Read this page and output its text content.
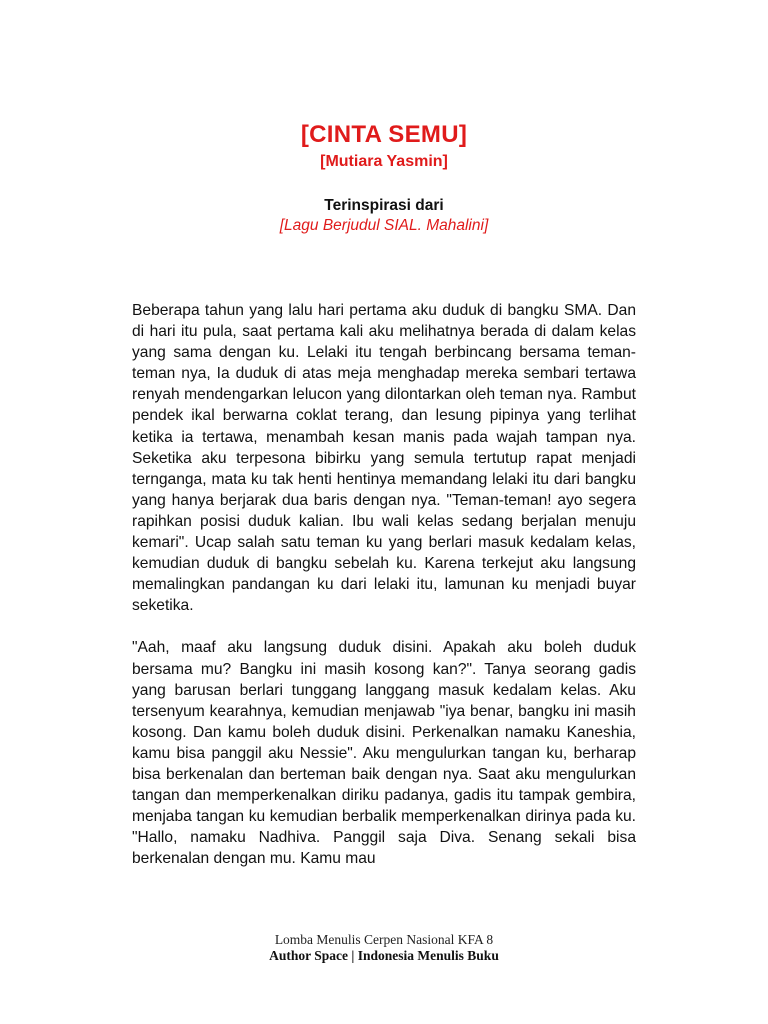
[CINTA SEMU]
[Mutiara Yasmin]
Terinspirasi dari
[Lagu Berjudul SIAL. Mahalini]

Beberapa tahun yang lalu hari pertama aku duduk di bangku SMA. Dan di hari itu pula, saat pertama kali aku melihatnya berada di dalam kelas yang sama dengan ku. Lelaki itu tengah berbincang bersama teman-teman nya, Ia duduk di atas meja menghadap mereka sembari tertawa renyah mendengarkan lelucon yang dilontarkan oleh teman nya. Rambut pendek ikal berwarna coklat terang, dan lesung pipinya yang terlihat ketika ia tertawa, menambah kesan manis pada wajah tampan nya. Seketika aku terpesona bibirku yang semula tertutup rapat menjadi ternganga, mata ku tak henti hentinya memandang lelaki itu dari bangku yang hanya berjarak dua baris dengan nya. "Teman-teman! ayo segera rapihkan posisi duduk kalian. Ibu wali kelas sedang berjalan menuju kemari". Ucap salah satu teman ku yang berlari masuk kedalam kelas, kemudian duduk di bangku sebelah ku. Karena terkejut aku langsung memalingkan pandangan ku dari lelaki itu, lamunan ku menjadi buyar seketika.

"Aah, maaf aku langsung duduk disini. Apakah aku boleh duduk bersama mu? Bangku ini masih kosong kan?". Tanya seorang gadis yang barusan berlari tunggang langgang masuk kedalam kelas. Aku tersenyum kearahnya, kemudian menjawab "iya benar, bangku ini masih kosong. Dan kamu boleh duduk disini. Perkenalkan namaku Kaneshia, kamu bisa panggil aku Nessie". Aku mengulurkan tangan ku, berharap bisa berkenalan dan berteman baik dengan nya. Saat aku mengulurkan tangan dan memperkenalkan diriku padanya, gadis itu tampak gembira, menjaba tangan ku kemudian berbalik memperkenalkan dirinya pada ku. "Hallo, namaku Nadhiva. Panggil saja Diva. Senang sekali bisa berkenalan dengan mu. Kamu mau

Lomba Menulis Cerpen Nasional KFA 8
Author Space | Indonesia Menulis Buku
